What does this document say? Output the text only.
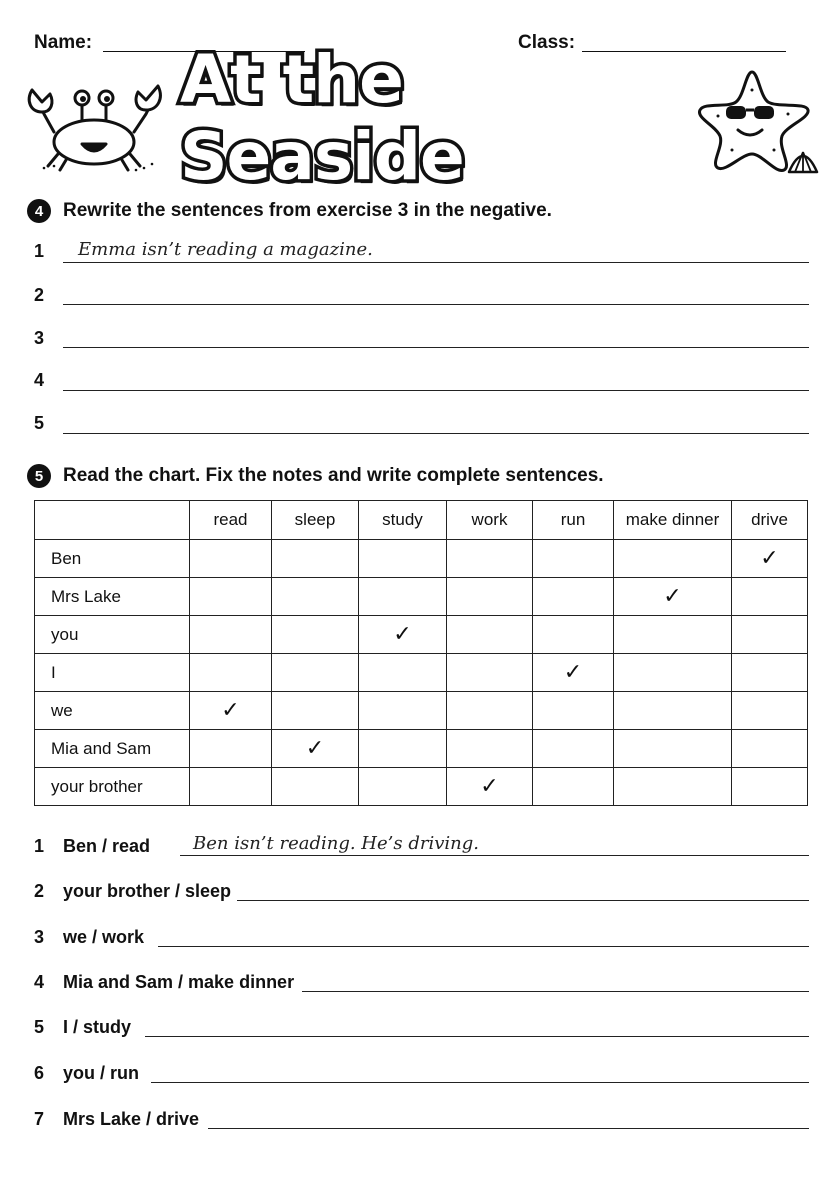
Name:	Class:
At the Seaside
4	Rewrite the sentences from exercise 3 in the negative.
1 Emma isn’t reading a magazine.
2
3
4
5
5	Read the chart. Fix the notes and write complete sentences.
	read	sleep	study	work	run	make dinner	drive
Ben							✓
Mrs Lake						✓	
you			✓				
I					✓		
we	✓						
Mia and Sam		✓					
your brother				✓			
1 Ben / read Ben isn’t reading. He’s driving.
2 your brother / sleep
3 we / work
4 Mia and Sam / make dinner
5 I / study
6 you / run
7 Mrs Lake / drive
